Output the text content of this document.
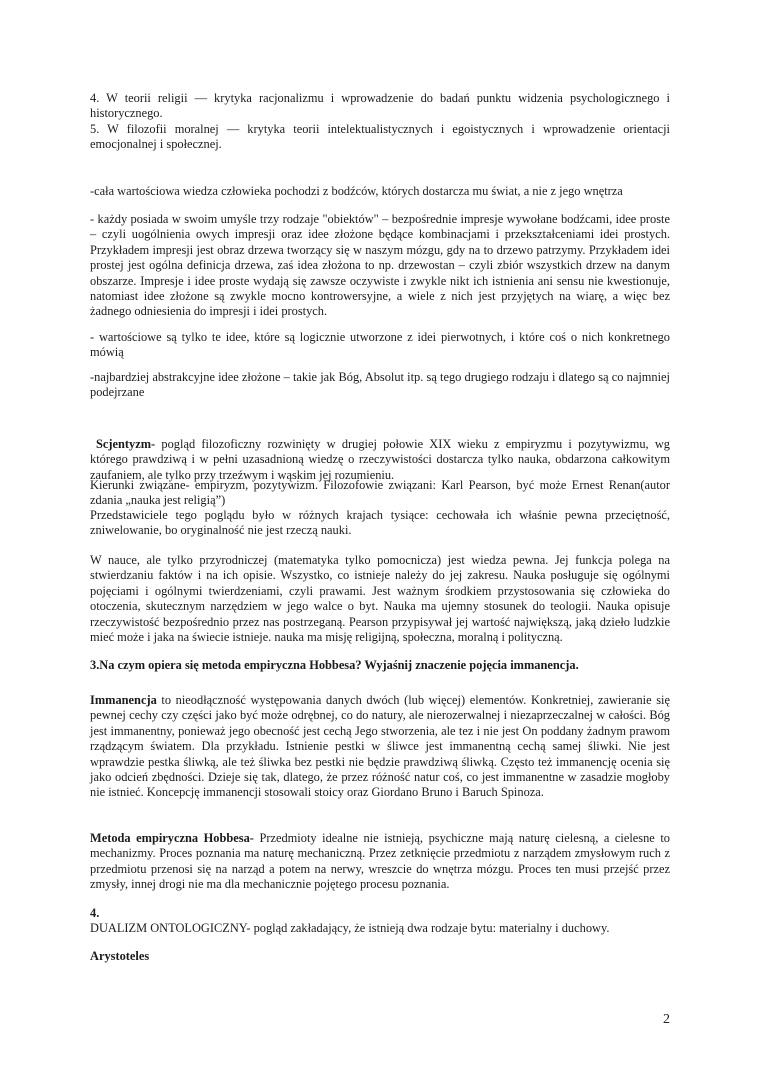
4. W teorii religii — krytyka racjonalizmu i wprowadzenie do badań punktu widzenia psychologicznego i historycznego.

5. W filozofii moralnej — krytyka teorii intelektualistycznych i egoistycznych i wprowadzenie orientacji emocjonalnej i społecznej.

-cała wartościowa wiedza człowieka pochodzi z bodźców, których dostarcza mu świat, a nie z jego wnętrza

- każdy posiada w swoim umyśle trzy rodzaje "obiektów" – bezpośrednie impresje wywołane bodźcami, idee proste – czyli uogólnienia owych impresji oraz idee złożone będące kombinacjami i przekształceniami idei prostych. Przykładem impresji jest obraz drzewa tworzący się w naszym mózgu, gdy na to drzewo patrzymy. Przykładem idei prostej jest ogólna definicja drzewa, zaś idea złożona to np. drzewostan – czyli zbiór wszystkich drzew na danym obszarze. Impresje i idee proste wydają się zawsze oczywiste i zwykle nikt ich istnienia ani sensu nie kwestionuje, natomiast idee złożone są zwykle mocno kontrowersyjne, a wiele z nich jest przyjętych na wiarę, a więc bez żadnego odniesienia do impresji i idei prostych.

- wartościowe są tylko te idee, które są logicznie utworzone z idei pierwotnych, i które coś o nich konkretnego mówią

-najbardziej abstrakcyjne idee złożone – takie jak Bóg, Absolut itp. są tego drugiego rodzaju i dlatego są co najmniej podejrzane

Scjentyzm- pogląd filozoficzny rozwinięty w drugiej połowie XIX wieku z empiryzmu i pozytywizmu, wg którego prawdziwą i w pełni uzasadnioną wiedzę o rzeczywistości dostarcza tylko nauka, obdarzona całkowitym zaufaniem, ale tylko przy trzeźwym i wąskim jej rozumieniu.

Kierunki związane- empiryzm, pozytywizm. Filozofowie związani: Karl Pearson, być może Ernest Renan(autor zdania „nauka jest religią”)

Przedstawiciele tego poglądu było w różnych krajach tysiące: cechowała ich właśnie pewna przeciętność, zniwelowanie, bo oryginalność nie jest rzeczą nauki.

W nauce, ale tylko przyrodniczej (matematyka tylko pomocnicza) jest wiedza pewna. Jej funkcja polega na stwierdzaniu faktów i na ich opisie. Wszystko, co istnieje należy do jej zakresu. Nauka posługuje się ogólnymi pojęciami i ogólnymi twierdzeniami, czyli prawami. Jest ważnym środkiem przystosowania się człowieka do otoczenia, skutecznym narzędziem w jego walce o byt. Nauka ma ujemny stosunek do teologii. Nauka opisuje rzeczywistość bezpośrednio przez nas postrzeganą. Pearson przypisywał jej wartość największą, jaką dzieło ludzkie mieć może i jaka na świecie istnieje. nauka ma misję religijną, społeczna, moralną i polityczną.

3.Na czym opiera się metoda empiryczna Hobbesa? Wyjaśnij znaczenie pojęcia immanencja.

Immanencja to nieodłączność występowania danych dwóch (lub więcej) elementów. Konkretniej, zawieranie się pewnej cechy czy części jako być może odrębnej, co do natury, ale nierozerwalnej i niezaprzeczalnej w całości. Bóg jest immanentny, ponieważ jego obecność jest cechą Jego stworzenia, ale tez i nie jest On poddany żadnym prawom rządzącym światem. Dla przykładu. Istnienie pestki w śliwce jest immanentną cechą samej śliwki. Nie jest wprawdzie pestka śliwką, ale też śliwka bez pestki nie będzie prawdziwą śliwką. Często też immanencję ocenia się jako odcień zbędności. Dzieje się tak, dlatego, że przez różność natur coś, co jest immanentne w zasadzie mogłoby nie istnieć. Koncepcję immanencji stosowali stoicy oraz Giordano Bruno i Baruch Spinoza.

Metoda empiryczna Hobbesa- Przedmioty idealne nie istnieją, psychiczne mają naturę cielesną, a cielesne to mechanizmy. Proces poznania ma naturę mechaniczną. Przez zetknięcie przedmiotu z narządem zmysłowym ruch z przedmiotu przenosi się na narząd a potem na nerwy, wreszcie do wnętrza mózgu. Proces ten musi przejść przez zmysły, innej drogi nie ma dla mechanicznie pojętego procesu poznania.

4.

DUALIZM ONTOLOGICZNY- pogląd zakładający, że istnieją dwa rodzaje bytu: materialny i duchowy.

Arystoteles

2
